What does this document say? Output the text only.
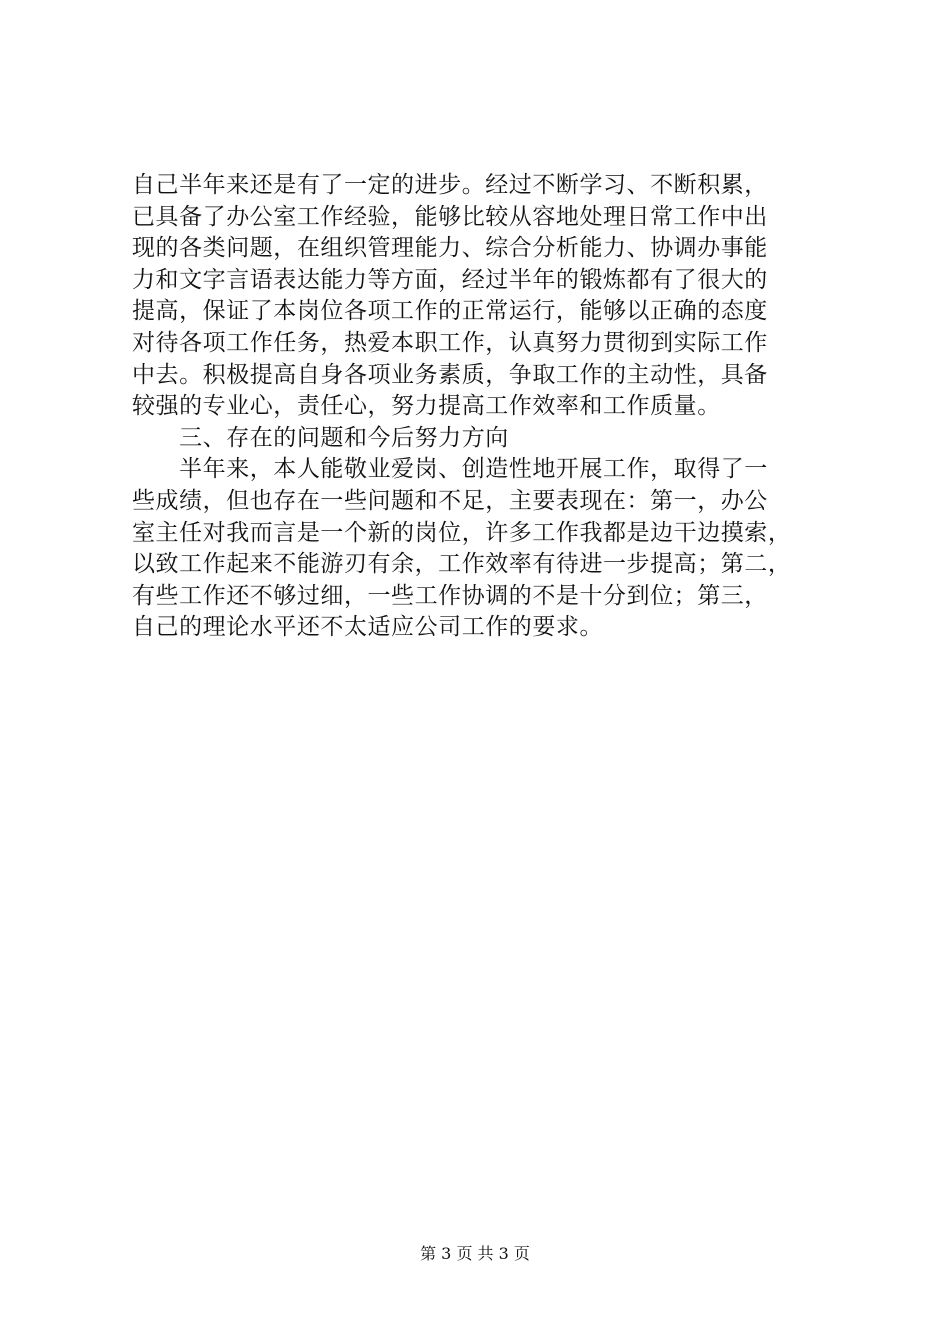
自己半年来还是有了一定的进步。经过不断学习、不断积累，
已具备了办公室工作经验，能够比较从容地处理日常工作中出
现的各类问题，在组织管理能力、综合分析能力、协调办事能
力和文字言语表达能力等方面，经过半年的锻炼都有了很大的
提高，保证了本岗位各项工作的正常运行，能够以正确的态度
对待各项工作任务，热爱本职工作，认真努力贯彻到实际工作
中去。积极提高自身各项业务素质，争取工作的主动性，具备
较强的专业心，责任心，努力提高工作效率和工作质量。
　　三、存在的问题和今后努力方向
　　半年来，本人能敬业爱岗、创造性地开展工作，取得了一
些成绩，但也存在一些问题和不足，主要表现在：第一，办公
室主任对我而言是一个新的岗位，许多工作我都是边干边摸索，
以致工作起来不能游刃有余，工作效率有待进一步提高；第二，
有些工作还不够过细，一些工作协调的不是十分到位；第三，
自己的理论水平还不太适应公司工作的要求。
第 3 页 共 3 页
